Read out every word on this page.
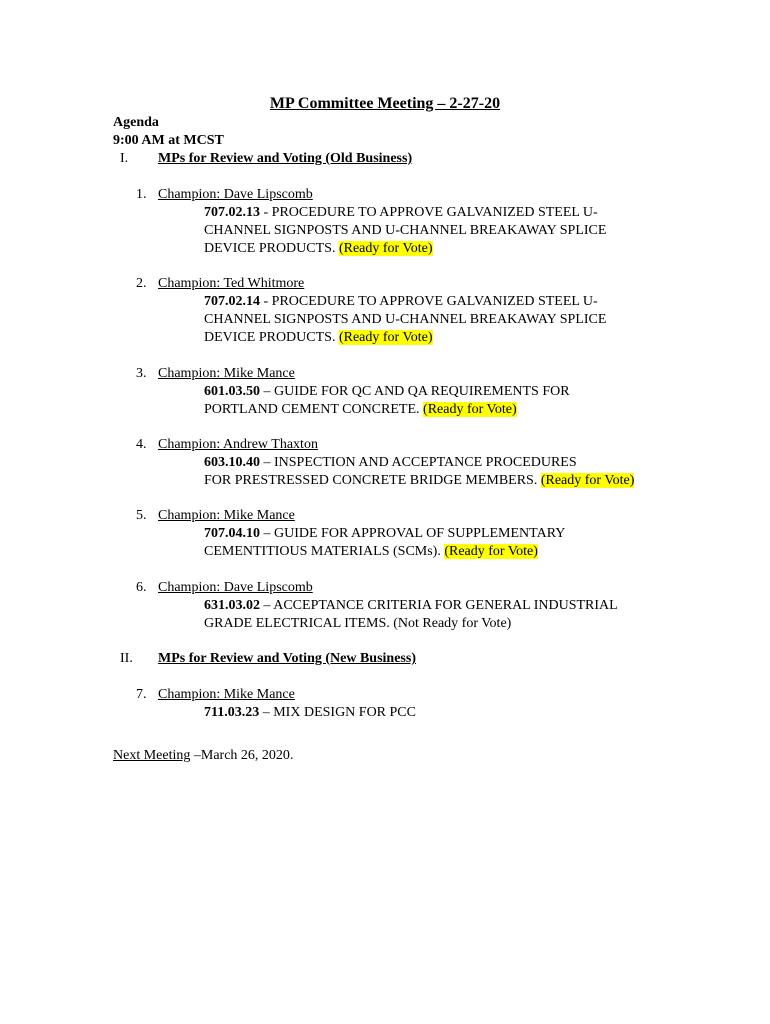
MP Committee Meeting – 2-27-20
Agenda
9:00 AM at MCST
I. MPs for Review and Voting (Old Business)
1. Champion: Dave Lipscomb
707.02.13 - PROCEDURE TO APPROVE GALVANIZED STEEL U-
CHANNEL SIGNPOSTS AND U-CHANNEL BREAKAWAY SPLICE
DEVICE PRODUCTS. (Ready for Vote)
2. Champion: Ted Whitmore
707.02.14 - PROCEDURE TO APPROVE GALVANIZED STEEL U-
CHANNEL SIGNPOSTS AND U-CHANNEL BREAKAWAY SPLICE
DEVICE PRODUCTS. (Ready for Vote)
3. Champion: Mike Mance
601.03.50 – GUIDE FOR QC AND QA REQUIREMENTS FOR
PORTLAND CEMENT CONCRETE. (Ready for Vote)
4. Champion: Andrew Thaxton
603.10.40 – INSPECTION AND ACCEPTANCE PROCEDURES
FOR PRESTRESSED CONCRETE BRIDGE MEMBERS. (Ready for Vote)
5. Champion: Mike Mance
707.04.10 – GUIDE FOR APPROVAL OF SUPPLEMENTARY
CEMENTITIOUS MATERIALS (SCMs). (Ready for Vote)
6. Champion: Dave Lipscomb
631.03.02 – ACCEPTANCE CRITERIA FOR GENERAL INDUSTRIAL
GRADE ELECTRICAL ITEMS. (Not Ready for Vote)
II. MPs for Review and Voting (New Business)
7. Champion: Mike Mance
711.03.23 – MIX DESIGN FOR PCC
Next Meeting –March 26, 2020.
